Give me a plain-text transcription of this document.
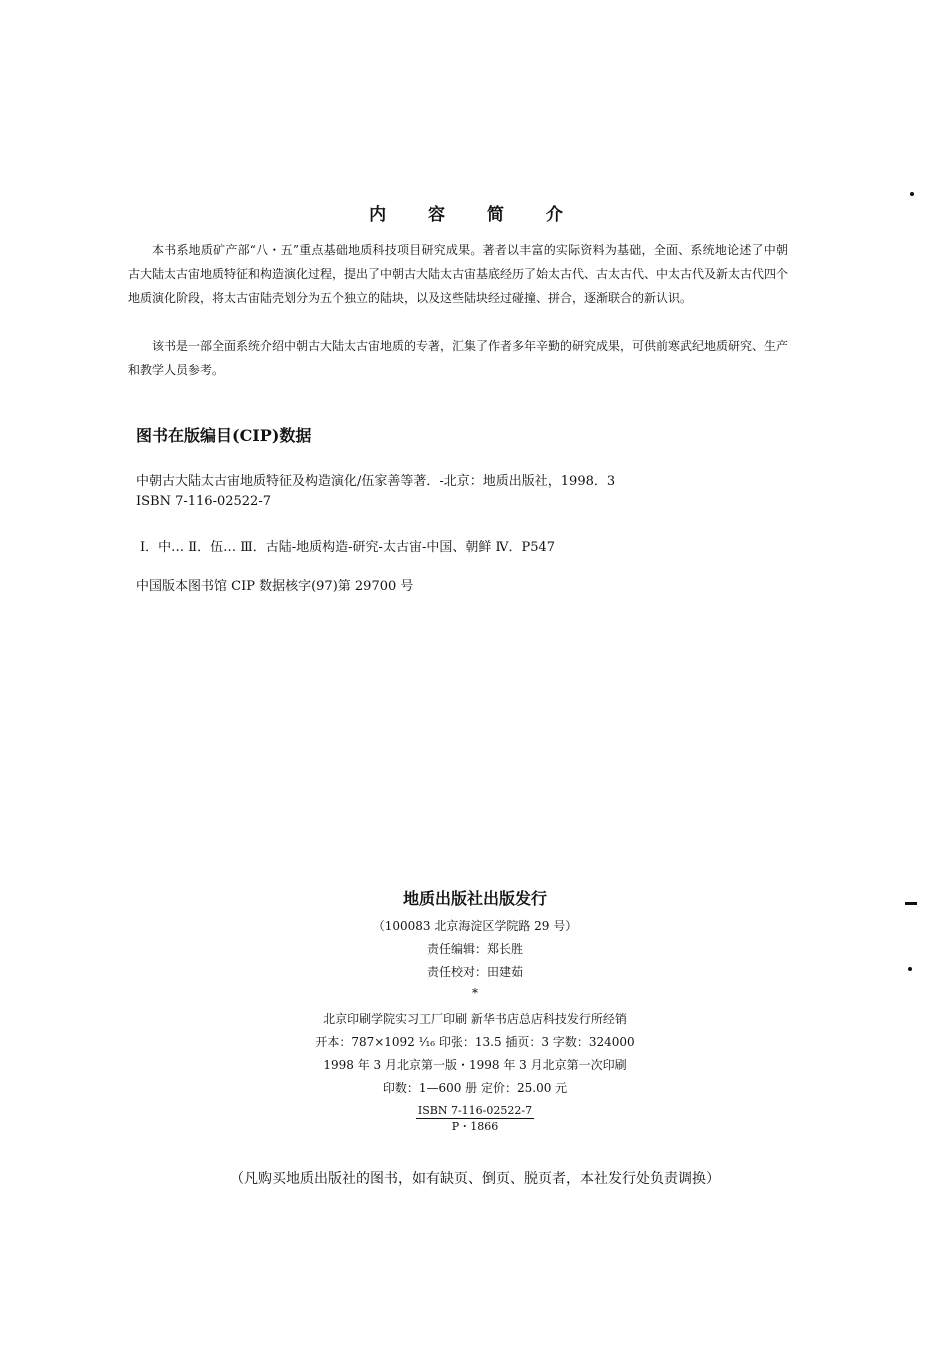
内 容 简 介
本书系地质矿产部“八・五”重点基础地质科技项目研究成果。著者以丰富的实际资料为基础，全面、系统地论述了中朝古大陆太古宙地质特征和构造演化过程，提出了中朝古大陆太古宙基底经历了始太古代、古太古代、中太古代及新太古代四个地质演化阶段，将太古宙陆壳划分为五个独立的陆块，以及这些陆块经过碰撞、拼合，逐渐联合的新认识。
该书是一部全面系统介绍中朝古大陆太古宙地质的专著，汇集了作者多年辛勤的研究成果，可供前寒武纪地质研究、生产和教学人员参考。
图书在版编目(CIP)数据
中朝古大陆太古宙地质特征及构造演化/伍家善等著．-北京：地质出版社，1998．3
ISBN 7-116-02522-7
Ⅰ．中… Ⅱ．伍… Ⅲ．古陆-地质构造-研究-太古宙-中国、朝鲜 Ⅳ．P547
中国版本图书馆 CIP 数据核字(97)第 29700 号
地质出版社出版发行
（100083 北京海淀区学院路 29 号）
责任编辑：郑长胜
责任校对：田建茹
*
北京印刷学院实习工厂印刷 新华书店总店科技发行所经销
开本：787×1092 ¹⁄₁₆ 印张：13.5 插页：3 字数：324000
1998 年 3 月北京第一版・1998 年 3 月北京第一次印刷
印数：1—600 册 定价：25.00 元
ISBN 7-116-02522-7
P・1866
（凡购买地质出版社的图书，如有缺页、倒页、脱页者，本社发行处负责调换）
